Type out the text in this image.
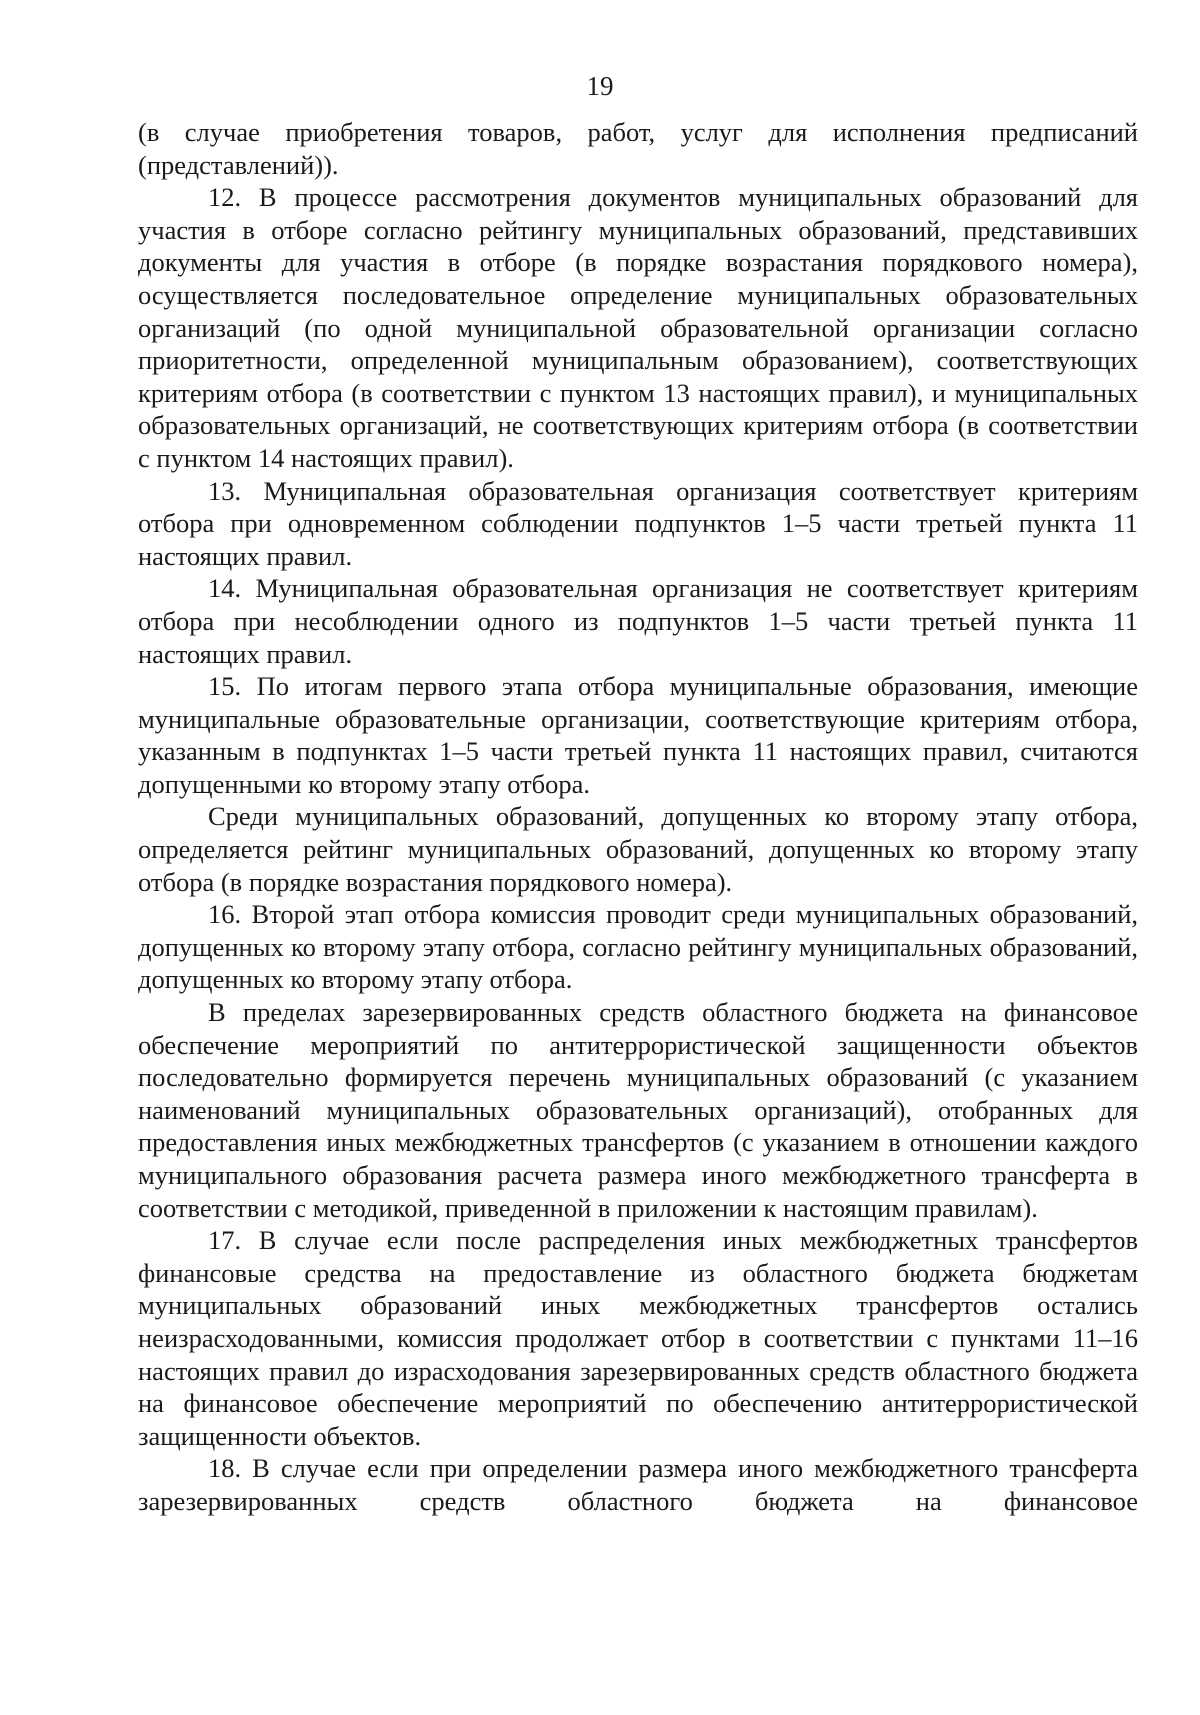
19

(в случае приобретения товаров, работ, услуг для исполнения предписаний (представлений)).

12. В процессе рассмотрения документов муниципальных образований для участия в отборе согласно рейтингу муниципальных образований, представивших документы для участия в отборе (в порядке возрастания порядкового номера), осуществляется последовательное определение муниципальных образовательных организаций (по одной муниципальной образовательной организации согласно приоритетности, определенной муниципальным образованием), соответствующих критериям отбора (в соответствии с пунктом 13 настоящих правил), и муниципальных образовательных организаций, не соответствующих критериям отбора (в соответствии с пунктом 14 настоящих правил).

13. Муниципальная образовательная организация соответствует критериям отбора при одновременном соблюдении подпунктов 1–5 части третьей пункта 11 настоящих правил.

14. Муниципальная образовательная организация не соответствует критериям отбора при несоблюдении одного из подпунктов 1–5 части третьей пункта 11 настоящих правил.

15. По итогам первого этапа отбора муниципальные образования, имеющие муниципальные образовательные организации, соответствующие критериям отбора, указанным в подпунктах 1–5 части третьей пункта 11 настоящих правил, считаются допущенными ко второму этапу отбора.

Среди муниципальных образований, допущенных ко второму этапу отбора, определяется рейтинг муниципальных образований, допущенных ко второму этапу отбора (в порядке возрастания порядкового номера).

16. Второй этап отбора комиссия проводит среди муниципальных образований, допущенных ко второму этапу отбора, согласно рейтингу муниципальных образований, допущенных ко второму этапу отбора.

В пределах зарезервированных средств областного бюджета на финансовое обеспечение мероприятий по антитеррористической защищенности объектов последовательно формируется перечень муниципальных образований (с указанием наименований муниципальных образовательных организаций), отобранных для предоставления иных межбюджетных трансфертов (с указанием в отношении каждого муниципального образования расчета размера иного межбюджетного трансферта в соответствии с методикой, приведенной в приложении к настоящим правилам).

17. В случае если после распределения иных межбюджетных трансфертов финансовые средства на предоставление из областного бюджета бюджетам муниципальных образований иных межбюджетных трансфертов остались неизрасходованными, комиссия продолжает отбор в соответствии с пунктами 11–16 настоящих правил до израсходования зарезервированных средств областного бюджета на финансовое обеспечение мероприятий по обеспечению антитеррористической защищенности объектов.

18. В случае если при определении размера иного межбюджетного трансферта зарезервированных средств областного бюджета на финансовое
